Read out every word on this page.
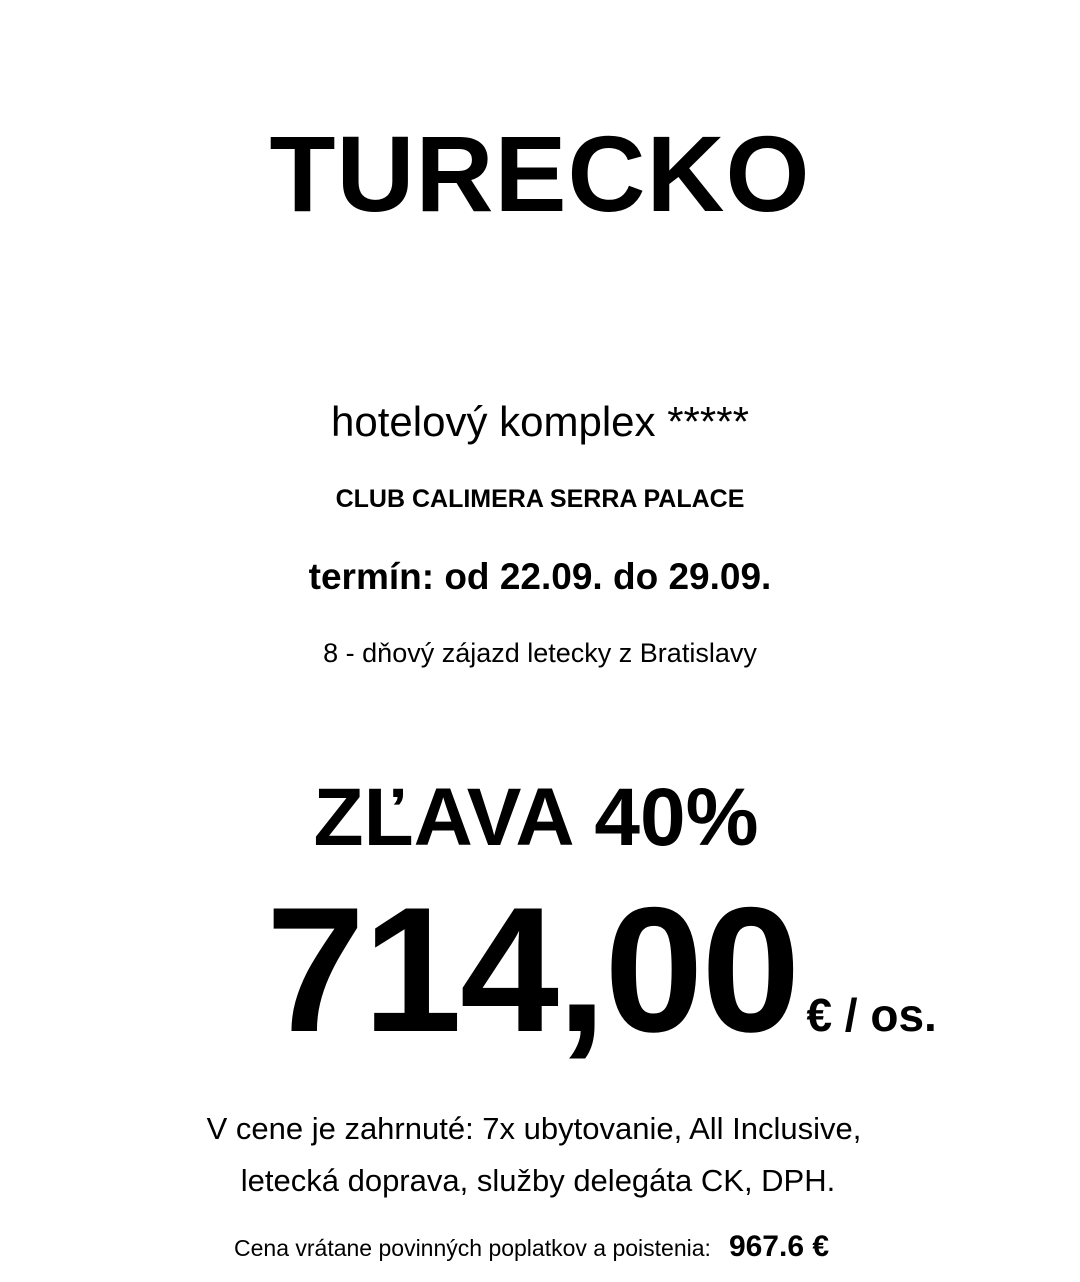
TURECKO

hotelový komplex *****

CLUB CALIMERA SERRA PALACE

termín: od 22.09. do 29.09.

8 - dňový zájazd letecky z Bratislavy

ZĽAVA 40%

714,00 € / os.

V cene je zahrnuté: 7x ubytovanie, All Inclusive,

letecká doprava, služby delegáta CK, DPH.

Cena vrátane povinných poplatkov a poistenia: 967.6 €
